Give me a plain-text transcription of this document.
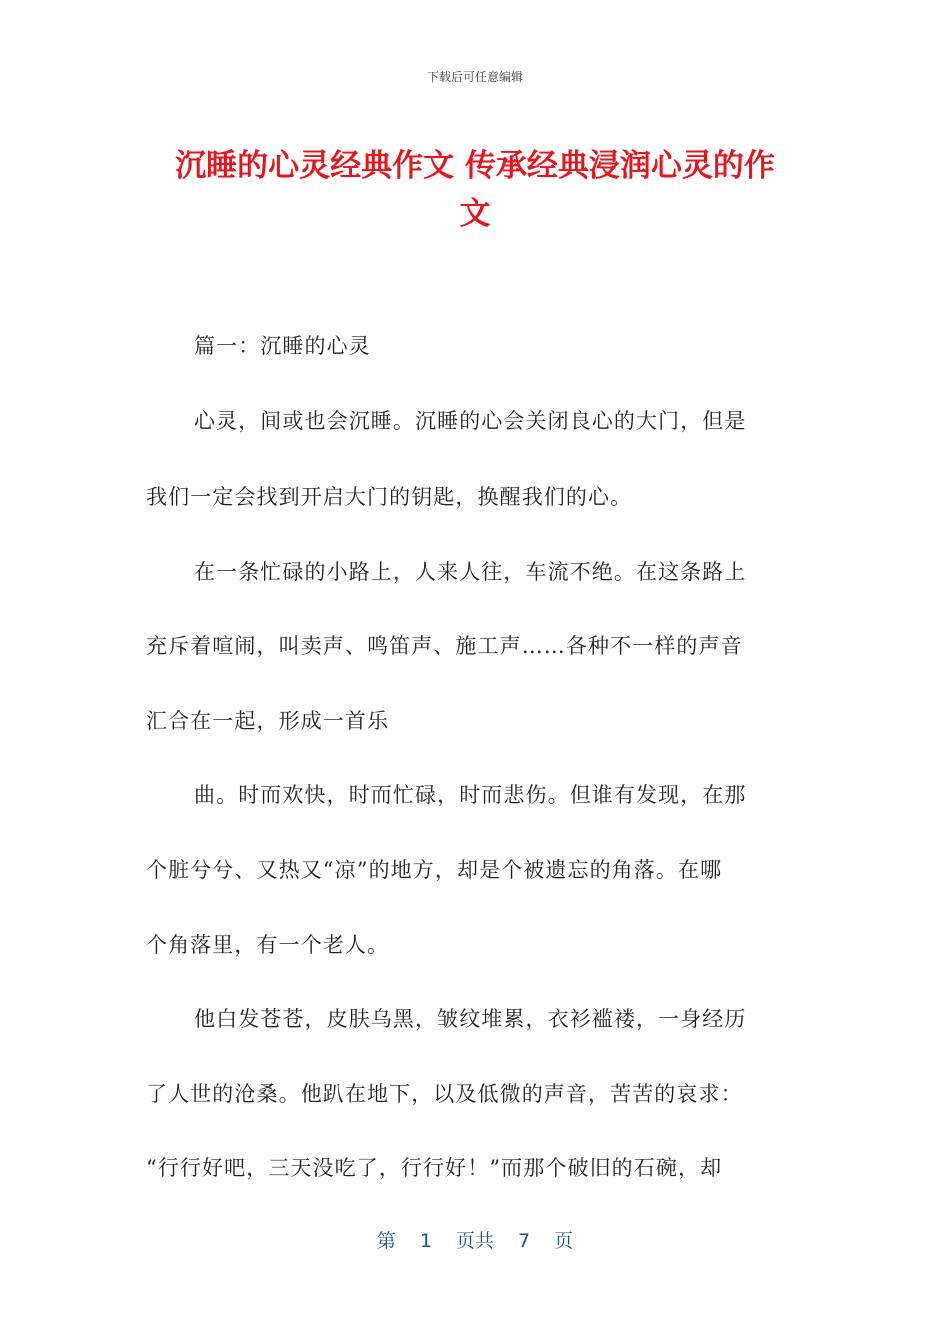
下载后可任意编辑
沉睡的心灵经典作文 传承经典浸润心灵的作
文
篇一：沉睡的心灵
心灵，间或也会沉睡。沉睡的心会关闭良心的大门，但是
我们一定会找到开启大门的钥匙，换醒我们的心。
在一条忙碌的小路上，人来人往，车流不绝。在这条路上
充斥着喧闹，叫卖声、鸣笛声、施工声……各种不一样的声音
汇合在一起，形成一首乐
曲。时而欢快，时而忙碌，时而悲伤。但谁有发现，在那
个脏兮兮、又热又“凉”的地方，却是个被遗忘的角落。在哪
个角落里，有一个老人。
他白发苍苍，皮肤乌黑，皱纹堆累，衣衫褴褛，一身经历
了人世的沧桑。他趴在地下，以及低微的声音，苦苦的哀求：
“行行好吧，三天没吃了，行行好！”而那个破旧的石碗，却
第 1 页共 7 页
